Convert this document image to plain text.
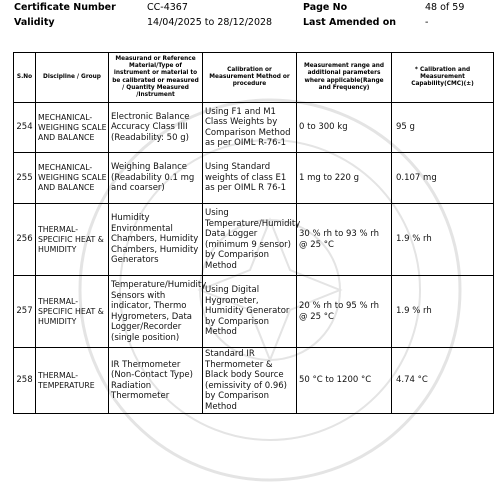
Certificate Number	CC-4367	Page No	48 of 59
Validity	14/04/2025 to 28/12/2028	Last Amended on	-
S.No	Discipline / Group	Measurand or Reference Material/Type of instrument or material to be calibrated or measured / Quantity Measured /Instrument	Calibration or Measurement Method or procedure	Measurement range and additional parameters where applicable(Range and Frequency)	* Calibration and Measurement Capability(CMC)(±)
254	MECHANICAL- WEIGHING SCALE AND BALANCE	Electronic Balance Accuracy Class IIII (Readability: 50 g)	Using F1 and M1 Class Weights by Comparison Method as per OIML R-76-1	0 to 300 kg	95 g
255	MECHANICAL- WEIGHING SCALE AND BALANCE	Weighing Balance (Readability 0.1 mg and coarser)	Using Standard weights of class E1 as per OIML R 76-1	1 mg to 220 g	0.107 mg
256	THERMAL- SPECIFIC HEAT & HUMIDITY	Humidity Environmental Chambers, Humidity Chambers, Humidity Generators	Using Temperature/Humidity Data Logger (minimum 9 sensor) by Comparison Method	30 % rh to 93 % rh @ 25 °C	1.9 % rh
257	THERMAL- SPECIFIC HEAT & HUMIDITY	Temperature/Humidity Sensors with indicator, Thermo Hygrometers, Data Logger/Recorder (single position)	Using Digital Hygrometer, Humidity Generator by Comparison Method	20 % rh to 95 % rh @ 25 °C	1.9 % rh
258	THERMAL- TEMPERATURE	IR Thermometer (Non-Contact Type) Radiation Thermometer	Standard IR Thermometer & Black body Source (emissivity of 0.96) by Comparison Method	50 °C to 1200 °C	4.74 °C
